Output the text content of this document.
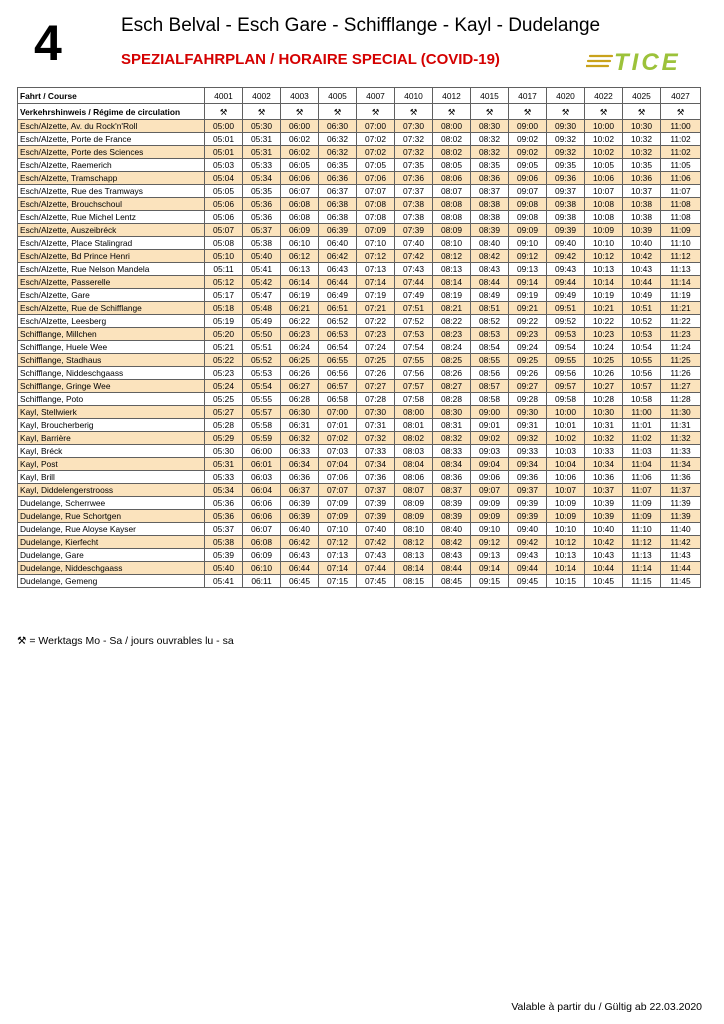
4	Esch Belval - Esch Gare - Schifflange - Kayl - Dudelange
SPEZIALFAHRPLAN / HORAIRE SPECIAL (COVID-19)	TICE
Fahrt / Course	4001	4002	4003	4005	4007	4010	4012	4015	4017	4020	4022	4025	4027
Verkehrshinweis / Régime de circulation	⚒	⚒	⚒	⚒	⚒	⚒	⚒	⚒	⚒	⚒	⚒	⚒	⚒
Esch/Alzette, Av. du Rock'n'Roll	05:00	05:30	06:00	06:30	07:00	07:30	08:00	08:30	09:00	09:30	10:00	10:30	11:00
Esch/Alzette, Porte de France	05:01	05:31	06:02	06:32	07:02	07:32	08:02	08:32	09:02	09:32	10:02	10:32	11:02
Esch/Alzette, Porte des Sciences	05:01	05:31	06:02	06:32	07:02	07:32	08:02	08:32	09:02	09:32	10:02	10:32	11:02
Esch/Alzette, Raemerich	05:03	05:33	06:05	06:35	07:05	07:35	08:05	08:35	09:05	09:35	10:05	10:35	11:05
Esch/Alzette, Tramschapp	05:04	05:34	06:06	06:36	07:06	07:36	08:06	08:36	09:06	09:36	10:06	10:36	11:06
Esch/Alzette, Rue des Tramways	05:05	05:35	06:07	06:37	07:07	07:37	08:07	08:37	09:07	09:37	10:07	10:37	11:07
Esch/Alzette, Brouchschoul	05:06	05:36	06:08	06:38	07:08	07:38	08:08	08:38	09:08	09:38	10:08	10:38	11:08
Esch/Alzette, Rue Michel Lentz	05:06	05:36	06:08	06:38	07:08	07:38	08:08	08:38	09:08	09:38	10:08	10:38	11:08
Esch/Alzette, Auszeibréck	05:07	05:37	06:09	06:39	07:09	07:39	08:09	08:39	09:09	09:39	10:09	10:39	11:09
Esch/Alzette, Place Stalingrad	05:08	05:38	06:10	06:40	07:10	07:40	08:10	08:40	09:10	09:40	10:10	10:40	11:10
Esch/Alzette, Bd Prince Henri	05:10	05:40	06:12	06:42	07:12	07:42	08:12	08:42	09:12	09:42	10:12	10:42	11:12
Esch/Alzette, Rue Nelson Mandela	05:11	05:41	06:13	06:43	07:13	07:43	08:13	08:43	09:13	09:43	10:13	10:43	11:13
Esch/Alzette, Passerelle	05:12	05:42	06:14	06:44	07:14	07:44	08:14	08:44	09:14	09:44	10:14	10:44	11:14
Esch/Alzette, Gare	05:17	05:47	06:19	06:49	07:19	07:49	08:19	08:49	09:19	09:49	10:19	10:49	11:19
Esch/Alzette, Rue de Schifflange	05:18	05:48	06:21	06:51	07:21	07:51	08:21	08:51	09:21	09:51	10:21	10:51	11:21
Esch/Alzette, Leesberg	05:19	05:49	06:22	06:52	07:22	07:52	08:22	08:52	09:22	09:52	10:22	10:52	11:22
Schifflange, Millchen	05:20	05:50	06:23	06:53	07:23	07:53	08:23	08:53	09:23	09:53	10:23	10:53	11:23
Schifflange, Huele Wee	05:21	05:51	06:24	06:54	07:24	07:54	08:24	08:54	09:24	09:54	10:24	10:54	11:24
Schifflange, Stadhaus	05:22	05:52	06:25	06:55	07:25	07:55	08:25	08:55	09:25	09:55	10:25	10:55	11:25
Schifflange, Niddeschgaass	05:23	05:53	06:26	06:56	07:26	07:56	08:26	08:56	09:26	09:56	10:26	10:56	11:26
Schifflange, Gringe Wee	05:24	05:54	06:27	06:57	07:27	07:57	08:27	08:57	09:27	09:57	10:27	10:57	11:27
Schifflange, Poto	05:25	05:55	06:28	06:58	07:28	07:58	08:28	08:58	09:28	09:58	10:28	10:58	11:28
Kayl, Stellwierk	05:27	05:57	06:30	07:00	07:30	08:00	08:30	09:00	09:30	10:00	10:30	11:00	11:30
Kayl, Broucherberig	05:28	05:58	06:31	07:01	07:31	08:01	08:31	09:01	09:31	10:01	10:31	11:01	11:31
Kayl, Barrière	05:29	05:59	06:32	07:02	07:32	08:02	08:32	09:02	09:32	10:02	10:32	11:02	11:32
Kayl, Bréck	05:30	06:00	06:33	07:03	07:33	08:03	08:33	09:03	09:33	10:03	10:33	11:03	11:33
Kayl, Post	05:31	06:01	06:34	07:04	07:34	08:04	08:34	09:04	09:34	10:04	10:34	11:04	11:34
Kayl, Brill	05:33	06:03	06:36	07:06	07:36	08:06	08:36	09:06	09:36	10:06	10:36	11:06	11:36
Kayl, Diddelengerstrooss	05:34	06:04	06:37	07:07	07:37	08:07	08:37	09:07	09:37	10:07	10:37	11:07	11:37
Dudelange, Scherrwee	05:36	06:06	06:39	07:09	07:39	08:09	08:39	09:09	09:39	10:09	10:39	11:09	11:39
Dudelange, Rue Schortgen	05:36	06:06	06:39	07:09	07:39	08:09	08:39	09:09	09:39	10:09	10:39	11:09	11:39
Dudelange, Rue Aloyse Kayser	05:37	06:07	06:40	07:10	07:40	08:10	08:40	09:10	09:40	10:10	10:40	11:10	11:40
Dudelange, Kierfecht	05:38	06:08	06:42	07:12	07:42	08:12	08:42	09:12	09:42	10:12	10:42	11:12	11:42
Dudelange, Gare	05:39	06:09	06:43	07:13	07:43	08:13	08:43	09:13	09:43	10:13	10:43	11:13	11:43
Dudelange, Niddeschgaass	05:40	06:10	06:44	07:14	07:44	08:14	08:44	09:14	09:44	10:14	10:44	11:14	11:44
Dudelange, Gemeng	05:41	06:11	06:45	07:15	07:45	08:15	08:45	09:15	09:45	10:15	10:45	11:15	11:45
⚒ = Werktags Mo - Sa / jours ouvrables lu - sa
Valable à partir du / Gültig ab 22.03.2020
